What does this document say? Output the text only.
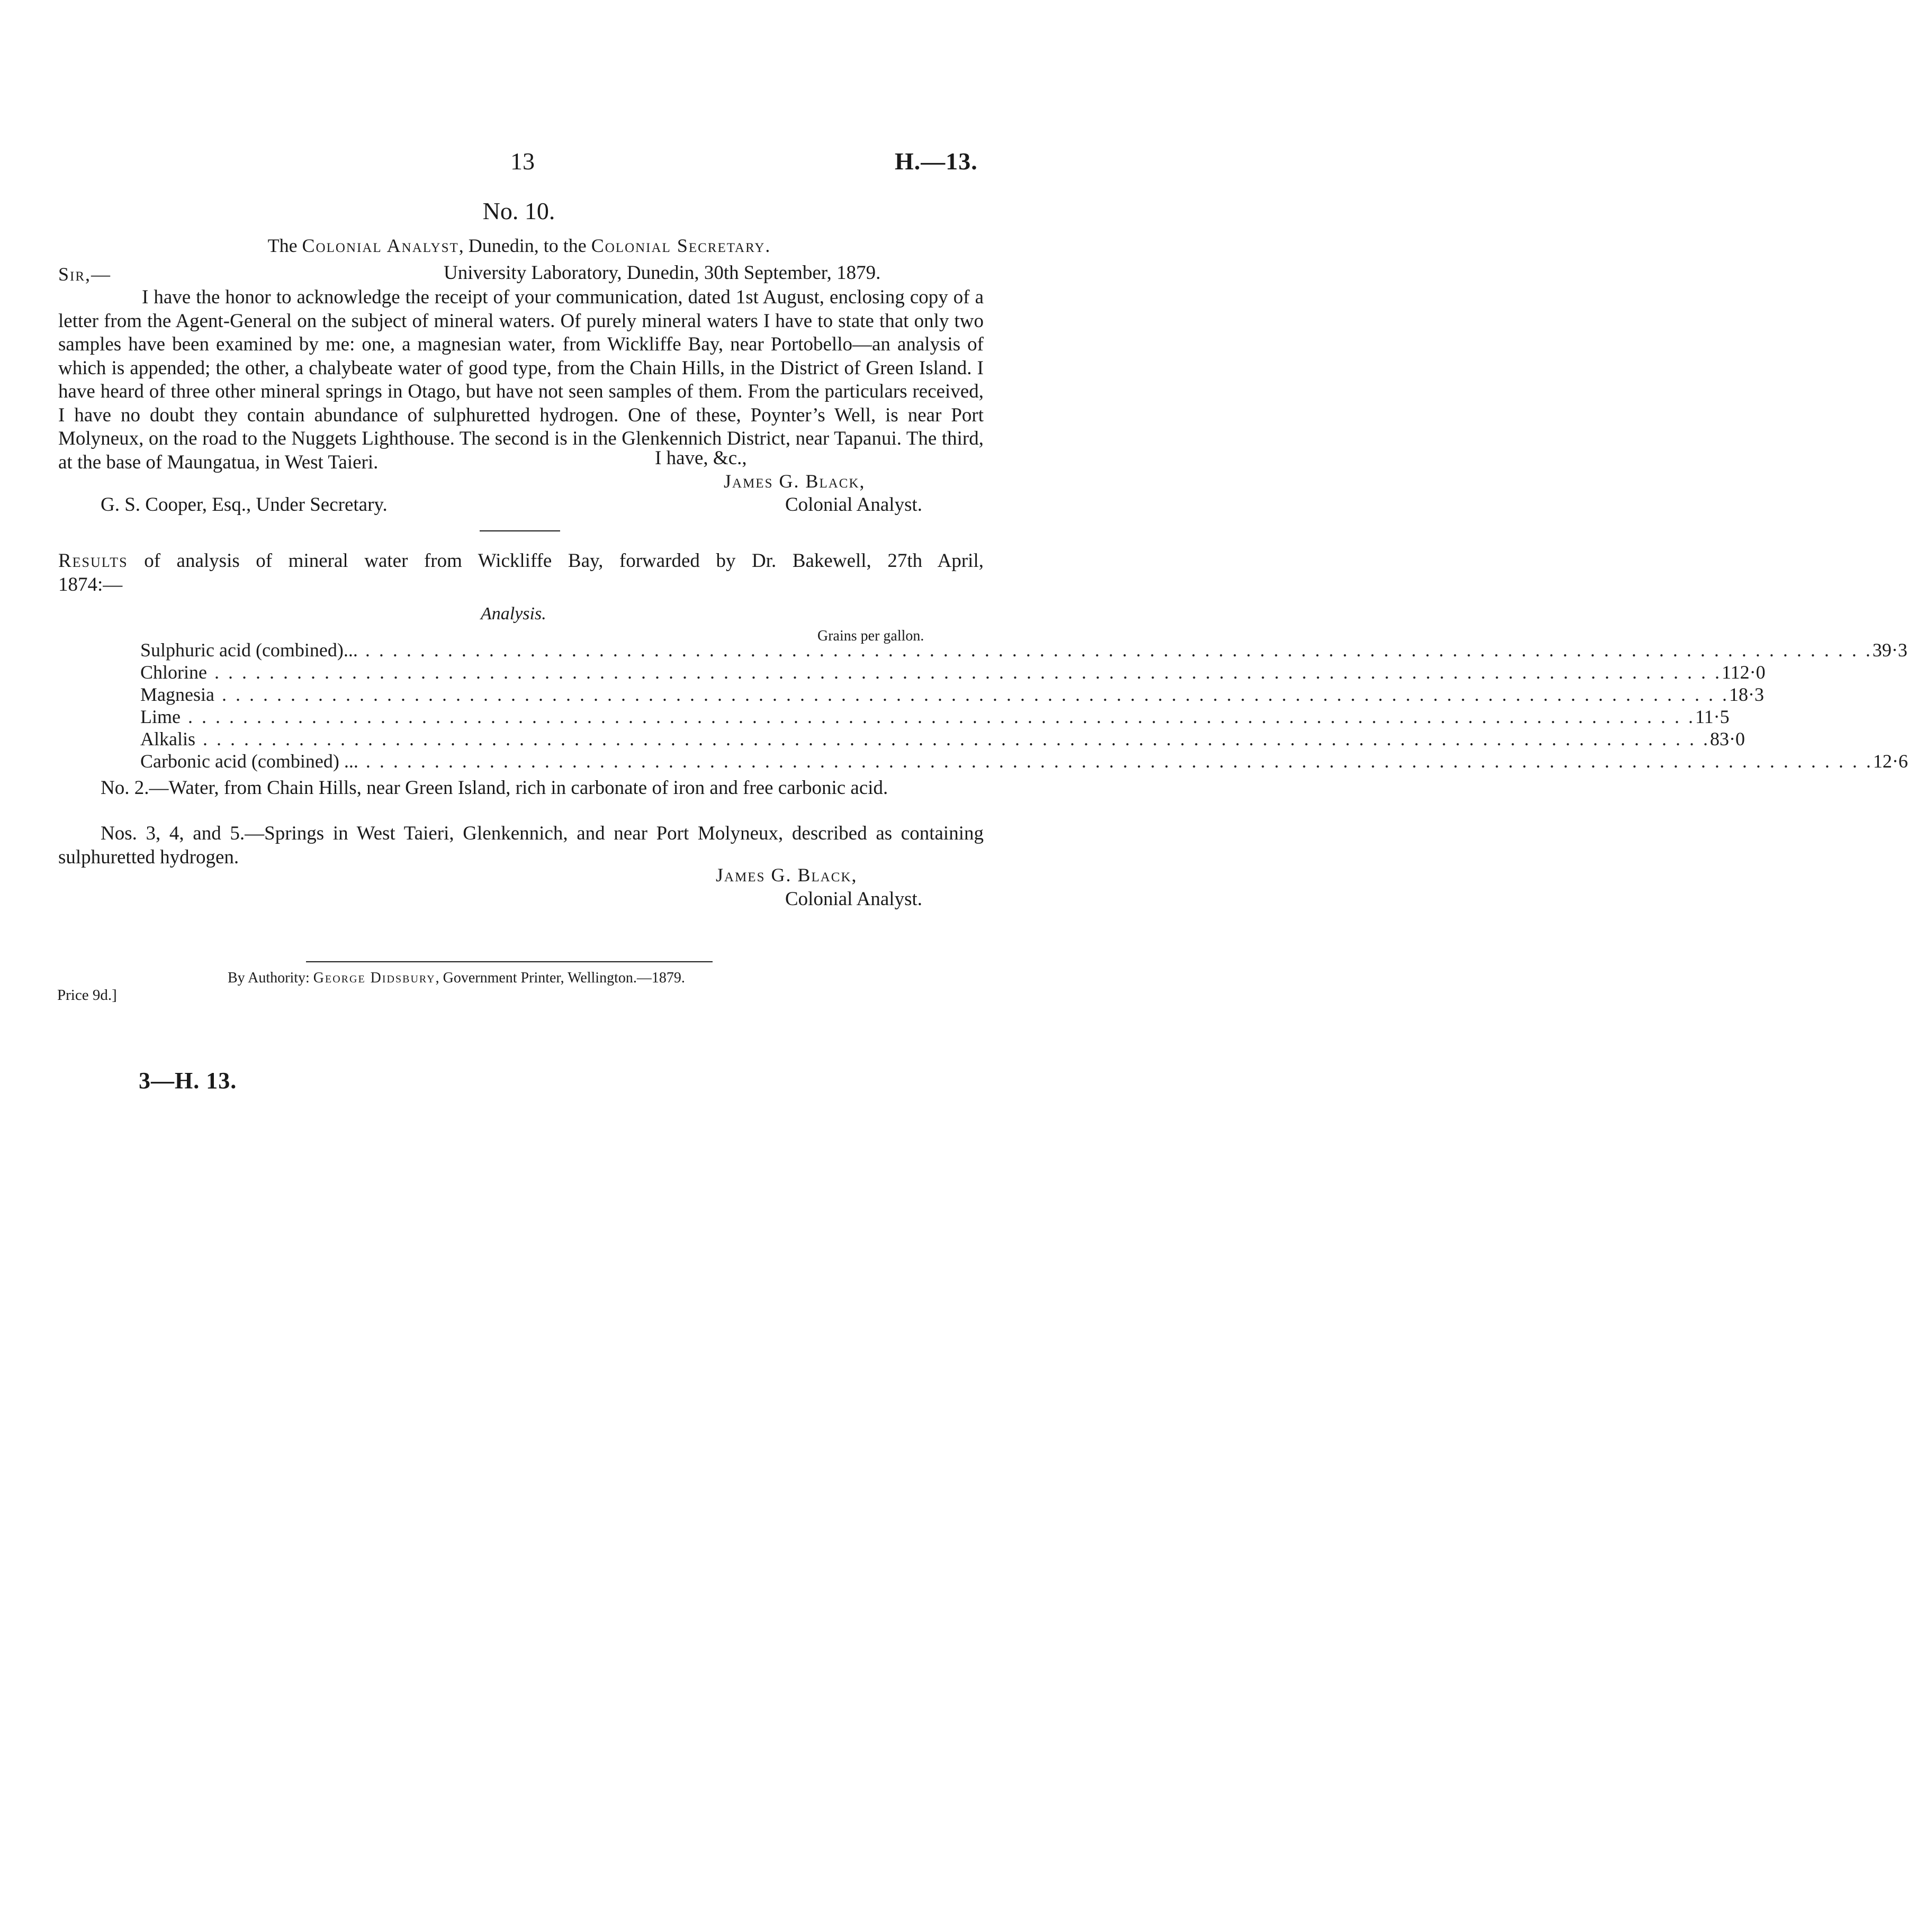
13	H.—13.
No. 10.
The Colonial Analyst, Dunedin, to the Colonial Secretary.
Sir,—	University Laboratory, Dunedin, 30th September, 1879.

I have the honor to acknowledge the receipt of your communication, dated 1st August, enclosing copy of a letter from the Agent-General on the subject of mineral waters. Of purely mineral waters I have to state that only two samples have been examined by me: one, a magnesian water, from Wickliffe Bay, near Portobello—an analysis of which is appended; the other, a chalybeate water of good type, from the Chain Hills, in the District of Green Island. I have heard of three other mineral springs in Otago, but have not seen samples of them. From the particulars received, I have no doubt they contain abundance of sulphuretted hydrogen. One of these, Poynter’s Well, is near Port Molyneux, on the road to the Nuggets Lighthouse. The second is in the Glenkennich District, near Tapanui. The third, at the base of Maungatua, in West Taieri.	I have, &c.,
James G. Black,
G. S. Cooper, Esq., Under Secretary.	Colonial Analyst.

Results of analysis of mineral water from Wickliffe Bay, forwarded by Dr. Bakewell, 27th April,

1874:—

Analysis.
Grains per gallon.
Sulphuric acid (combined)... . . . . . . . . . . . . . . . . . . . . . . . . . . . . . . . . . . . . . . . . . . . . . . . . . . . . . . . . . . . . . . . . . . . . . . . . . . . . . . . . . . . . . . . . . . . . . . . . . . . . . . . . . . . . . . 39·3
Chlorine . . . . . . . . . . . . . . . . . . . . . . . . . . . . . . . . . . . . . . . . . . . . . . . . . . . . . . . . . . . . . . . . . . . . . . . . . . . . . . . . . . . . . . . . . . . . . . . . . . . . . . . . . . . . . . 112·0
Magnesia . . . . . . . . . . . . . . . . . . . . . . . . . . . . . . . . . . . . . . . . . . . . . . . . . . . . . . . . . . . . . . . . . . . . . . . . . . . . . . . . . . . . . . . . . . . . . . . . . . . . . . . . . . . . . . 18·3
Lime . . . . . . . . . . . . . . . . . . . . . . . . . . . . . . . . . . . . . . . . . . . . . . . . . . . . . . . . . . . . . . . . . . . . . . . . . . . . . . . . . . . . . . . . . . . . . . . . . . . . . . . . . . . . . . 11·5
Alkalis . . . . . . . . . . . . . . . . . . . . . . . . . . . . . . . . . . . . . . . . . . . . . . . . . . . . . . . . . . . . . . . . . . . . . . . . . . . . . . . . . . . . . . . . . . . . . . . . . . . . . . . . . . . . . . 83·0
Carbonic acid (combined) ... . . . . . . . . . . . . . . . . . . . . . . . . . . . . . . . . . . . . . . . . . . . . . . . . . . . . . . . . . . . . . . . . . . . . . . . . . . . . . . . . . . . . . . . . . . . . . . . . . . . . . . . . . . . . . . 12·6

No. 2.—Water, from Chain Hills, near Green Island, rich in carbonate of iron and free carbonic acid.

Nos. 3, 4, and 5.—Springs in West Taieri, Glenkennich, and near Port Molyneux, described as containing sulphuretted hydrogen.

James G. Black,
Colonial Analyst.
By Authority: George Didsbury, Government Printer, Wellington.—1879.
Price 9d.]
3—H. 13.
